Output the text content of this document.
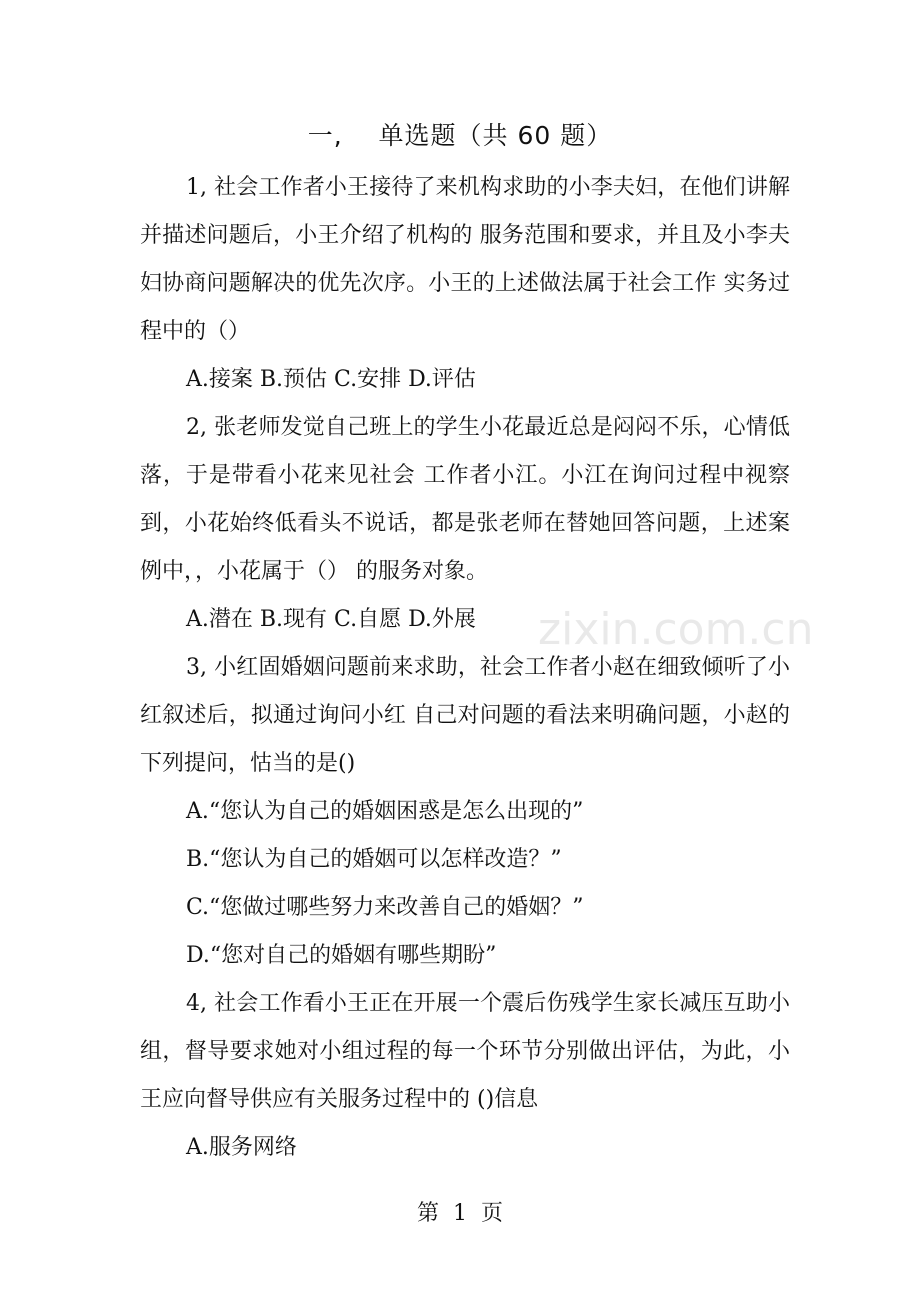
一,    单选题（共 60 题）

1, 社会工作者小王接待了来机构求助的小李夫妇，在他们讲解并描述问题后，小王介绍了机构的 服务范围和要求，并且及小李夫妇协商问题解决的优先次序。小王的上述做法属于社会工作 实务过程中的（）

A.接案 B.预估 C.安排 D.评估

2, 张老师发觉自己班上的学生小花最近总是闷闷不乐，心情低落，于是带看小花来见社会 工作者小江。小江在询问过程中视察到，小花始终低看头不说话，都是张老师在替她回答问题，上述案例中，，小花属于（） 的服务对象。

A.潜在 B.现有 C.自愿 D.外展

3, 小红固婚姻问题前来求助，社会工作者小赵在细致倾听了小红叙述后，拟通过询问小红 自己对问题的看法来明确问题，小赵的下列提问，怙当的是()

A.“您认为自己的婚姻困惑是怎么出现的”

B.“您认为自己的婚姻可以怎样改造？”

C.“您做过哪些努力来改善自己的婚姻？”

D.“您对自己的婚姻有哪些期盼”

4, 社会工作看小王正在开展一个震后伤残学生家长减压互助小组，督导要求她对小组过程的每一个环节分别做出评估，为此，小王应向督导供应有关服务过程中的 ()信息

A.服务网络

zixin.com.cn
第  1  页
